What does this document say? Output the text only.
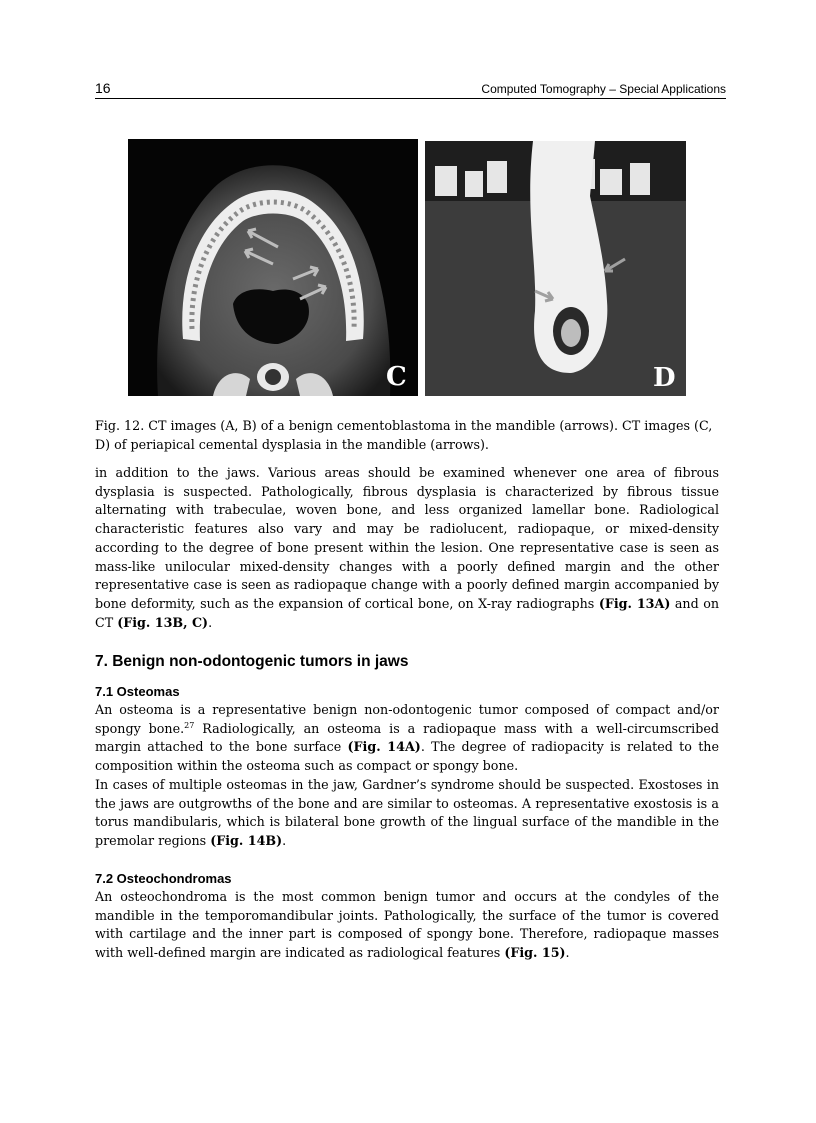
16	Computed Tomography – Special Applications
C	D

Fig. 12. CT images (A, B) of a benign cementoblastoma in the mandible (arrows). CT images (C, D) of periapical cemental dysplasia in the mandible (arrows).

in addition to the jaws. Various areas should be examined whenever one area of fibrous dysplasia is suspected. Pathologically, fibrous dysplasia is characterized by fibrous tissue alternating with trabeculae, woven bone, and less organized lamellar bone. Radiological characteristic features also vary and may be radiolucent, radiopaque, or mixed-density according to the degree of bone present within the lesion. One representative case is seen as mass-like unilocular mixed-density changes with a poorly defined margin and the other representative case is seen as radiopaque change with a poorly defined margin accompanied by bone deformity, such as the expansion of cortical bone, on X-ray radiographs (Fig. 13A) and on CT (Fig. 13B, C).

7. Benign non-odontogenic tumors in jaws
7.1 Osteomas

An osteoma is a representative benign non-odontogenic tumor composed of compact and/or spongy bone.$^{27}$ Radiologically, an osteoma is a radiopaque mass with a well-circumscribed margin attached to the bone surface (Fig. 14A). The degree of radiopacity is related to the composition within the osteoma such as compact or spongy bone.

In cases of multiple osteomas in the jaw, Gardner’s syndrome should be suspected. Exostoses in the jaws are outgrowths of the bone and are similar to osteomas. A representative exostosis is a torus mandibularis, which is bilateral bone growth of the lingual surface of the mandible in the premolar regions (Fig. 14B).

7.2 Osteochondromas

An osteochondroma is the most common benign tumor and occurs at the condyles of the mandible in the temporomandibular joints. Pathologically, the surface of the tumor is covered with cartilage and the inner part is composed of spongy bone. Therefore, radiopaque masses with well-defined margin are indicated as radiological features (Fig. 15).
